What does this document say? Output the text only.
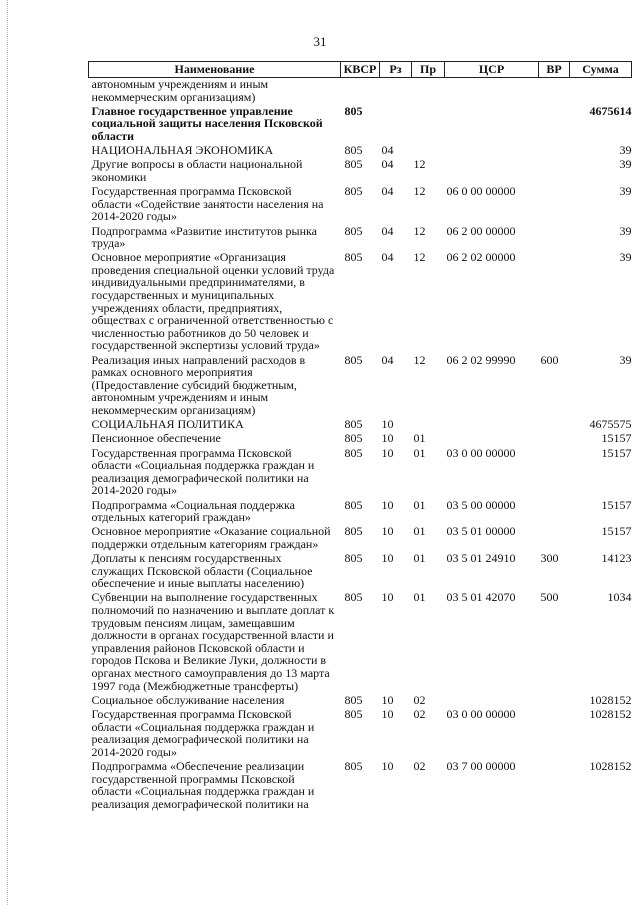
31
Наименование	КВСР	Рз	Пр	ЦСР	ВР	Сумма
автономным учреждениям и иным некоммерческим организациям)						
Главное государственное управление социальной защиты населения Псковской области	805					4675614
НАЦИОНАЛЬНАЯ ЭКОНОМИКА	805	04				39
Другие вопросы в области национальной экономики	805	04	12			39
Государственная программа Псковской области «Содействие занятости населения на 2014-2020 годы»	805	04	12	06 0 00 00000		39
Подпрограмма «Развитие институтов рынка труда»	805	04	12	06 2 00 00000		39
Основное мероприятие «Организация проведения специальной оценки условий труда индивидуальными предпринимателями, в государственных и муниципальных учреждениях области, предприятиях, обществах с ограниченной ответственностью с численностью работников до 50 человек и государственной экспертизы условий труда»	805	04	12	06 2 02 00000		39
Реализация иных направлений расходов в рамках основного мероприятия (Предоставление субсидий бюджетным, автономным учреждениям и иным некоммерческим организациям)	805	04	12	06 2 02 99990	600	39
СОЦИАЛЬНАЯ ПОЛИТИКА	805	10				4675575
Пенсионное обеспечение	805	10	01			15157
Государственная программа Псковской области «Социальная поддержка граждан и реализация демографической политики на 2014-2020 годы»	805	10	01	03 0 00 00000		15157
Подпрограмма «Социальная поддержка отдельных категорий граждан»	805	10	01	03 5 00 00000		15157
Основное мероприятие «Оказание социальной поддержки отдельным категориям граждан»	805	10	01	03 5 01 00000		15157
Доплаты к пенсиям государственных служащих Псковской области (Социальное обеспечение и иные выплаты населению)	805	10	01	03 5 01 24910	300	14123
Субвенции на выполнение государственных полномочий по назначению и выплате доплат к трудовым пенсиям лицам, замещавшим должности в органах государственной власти и управления районов Псковской области и городов Пскова и Великие Луки, должности в органах местного самоуправления до 13 марта 1997 года (Межбюджетные трансферты)	805	10	01	03 5 01 42070	500	1034
Социальное обслуживание населения	805	10	02			1028152
Государственная программа Псковской области «Социальная поддержка граждан и реализация демографической политики на 2014-2020 годы»	805	10	02	03 0 00 00000		1028152
Подпрограмма «Обеспечение реализации государственной программы Псковской области «Социальная поддержка граждан и реализация демографической политики на	805	10	02	03 7 00 00000		1028152
